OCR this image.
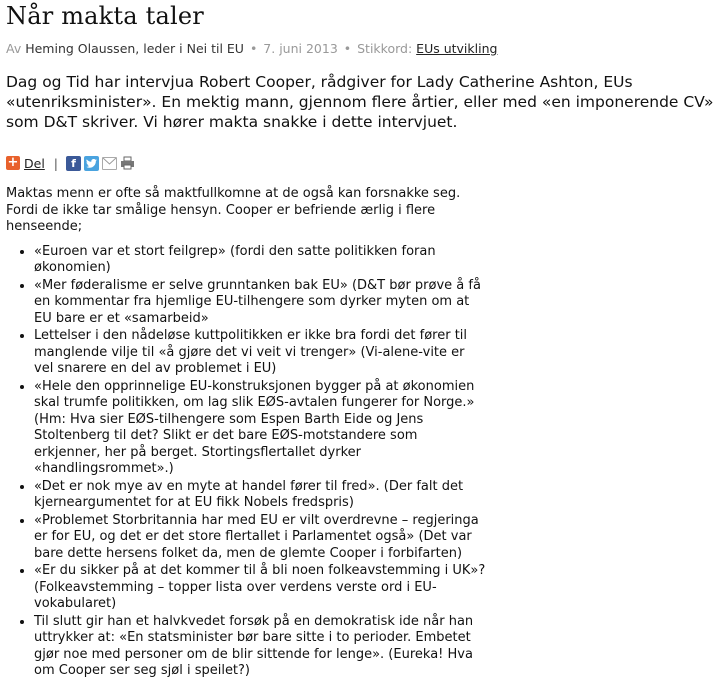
Når makta taler
Av Heming Olaussen, leder i Nei til EU • 7. juni 2013 • Stikkord: EUs utvikling
Dag og Tid har intervjua Robert Cooper, rådgiver for Lady Catherine Ashton, EUs «utenriksminister». En mektig mann, gjennom flere årtier, eller med «en imponerende CV» som D&T skriver. Vi hører makta snakke i dette intervjuet.
+ Del |	f

Maktas menn er ofte så maktfullkomne at de også kan forsnakke seg. Fordi de ikke tar smålige hensyn. Cooper er befriende ærlig i flere henseende;

• «Euroen var et stort feilgrep» (fordi den satte politikken foran økonomien)
• «Mer føderalisme er selve grunntanken bak EU» (D&T bør prøve å få en kommentar fra hjemlige EU-tilhengere som dyrker myten om at EU bare er et «samarbeid»
• Lettelser i den nådeløse kuttpolitikken er ikke bra fordi det fører til manglende vilje til «å gjøre det vi veit vi trenger» (Vi-alene-vite er vel snarere en del av problemet i EU)
• «Hele den opprinnelige EU-konstruksjonen bygger på at økonomien skal trumfe politikken, om lag slik EØS-avtalen fungerer for Norge.» (Hm: Hva sier EØS-tilhengere som Espen Barth Eide og Jens Stoltenberg til det? Slikt er det bare EØS-motstandere som erkjenner, her på berget. Stortingsflertallet dyrker «handlingsrommet».)
• «Det er nok mye av en myte at handel fører til fred». (Der falt det kjerneargumentet for at EU fikk Nobels fredspris)
• «Problemet Storbritannia har med EU er vilt overdrevne – regjeringa er for EU, og det er det store flertallet i Parlamentet også» (Det var bare dette hersens folket da, men de glemte Cooper i forbifarten)
• «Er du sikker på at det kommer til å bli noen folkeavstemming i UK»? (Folkeavstemming – topper lista over verdens verste ord i EU-vokabularet)
• Til slutt gir han et halvkvedet forsøk på en demokratisk ide når han uttrykker at: «En statsminister bør bare sitte i to perioder. Embetet gjør noe med personer om de blir sittende for lenge». (Eureka! Hva om Cooper ser seg sjøl i speilet?)
